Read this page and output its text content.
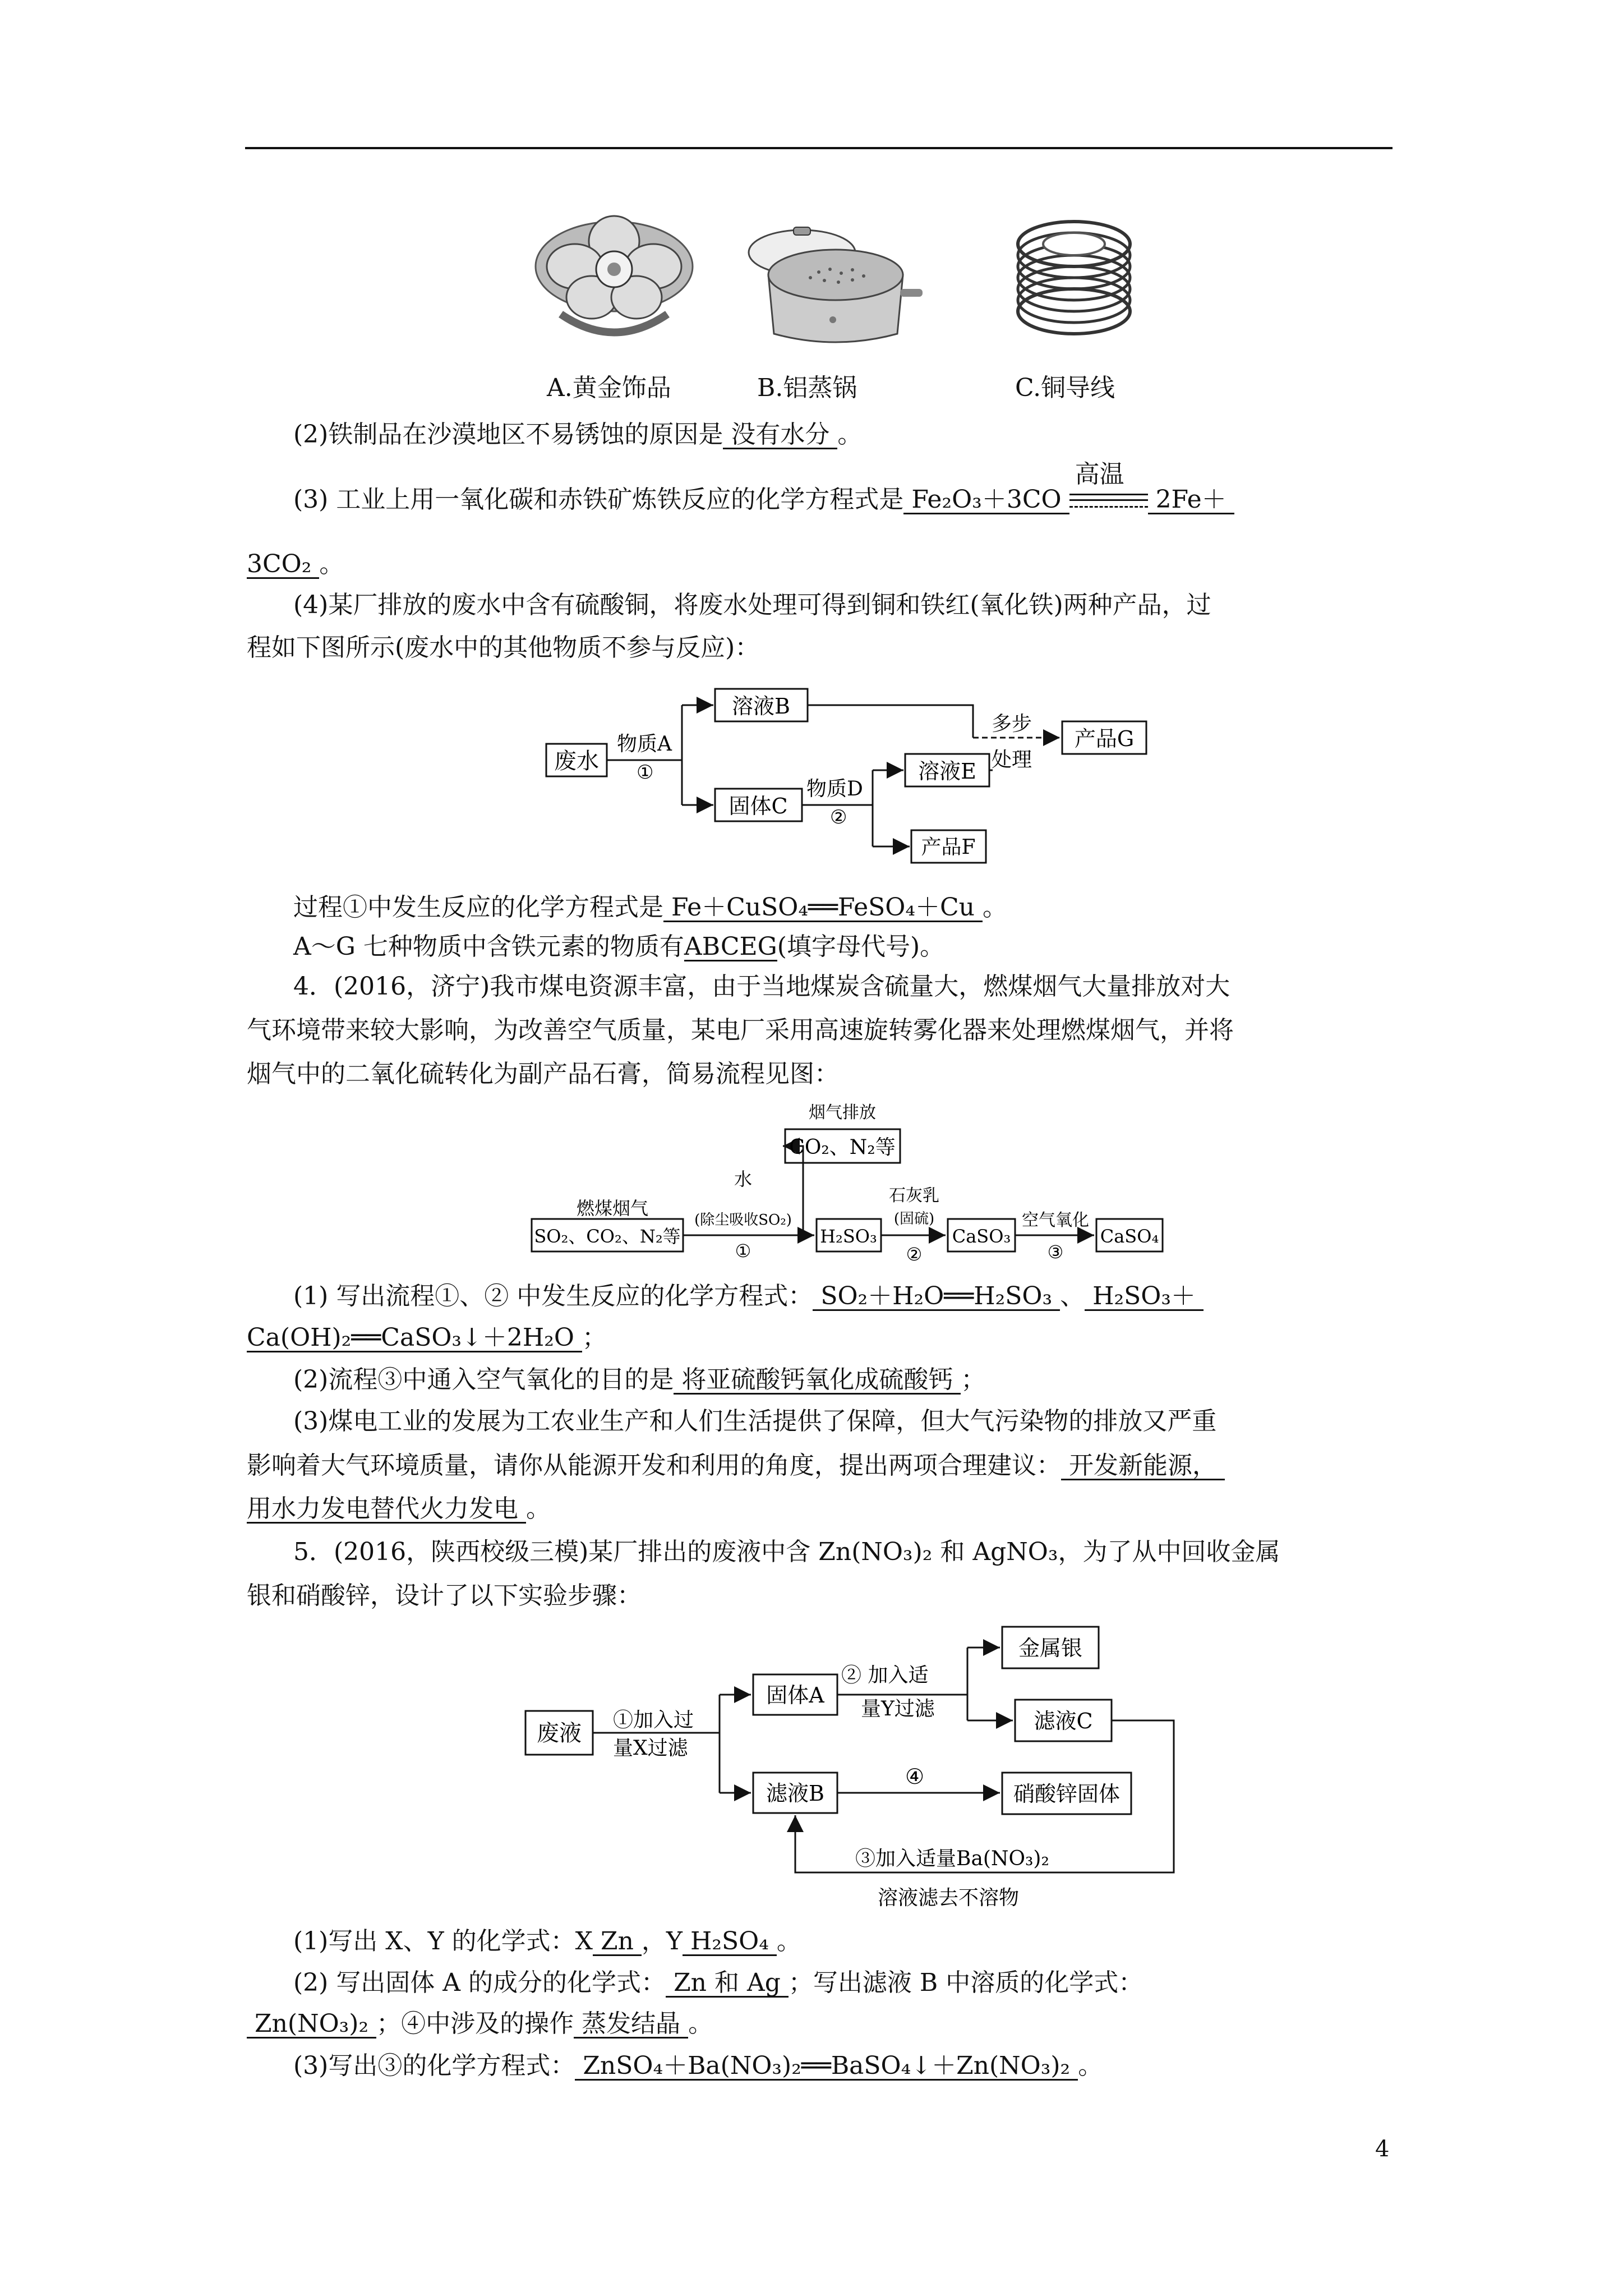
A.黄金饰品	B.铝蒸锅	C.铜导线
(2)铁制品在沙漠地区不易锈蚀的原因是 没有水分 。
(3) 工业上用一氧化碳和赤铁矿炼铁反应的化学方程式是 Fe₂O₃＋3CO
高温
2Fe＋
3CO₂ 。
(4)某厂排放的废水中含有硫酸铜，将废水处理可得到铜和铁红(氧化铁)两种产品，过
程如下图所示(废水中的其他物质不参与反应)：
废水
物质A
①
溶液B
固体C
物质D
②
溶液E
产品F
多步
处理
产品G
过程①中发生反应的化学方程式是 Fe＋CuSO₄══FeSO₄＋Cu 。
A～G 七种物质中含铁元素的物质有ABCEG(填字母代号)。
4．(2016，济宁)我市煤电资源丰富，由于当地煤炭含硫量大，燃煤烟气大量排放对大
气环境带来较大影响，为改善空气质量，某电厂采用高速旋转雾化器来处理燃煤烟气，并将
烟气中的二氧化硫转化为副产品石膏，简易流程见图：
烟气排放
CO₂、N₂等
燃煤烟气
SO₂、CO₂、N₂等
水
(除尘吸收SO₂)
①
H₂SO₃
石灰乳
(固硫)
②
CaSO₃
空气氧化
③
CaSO₄
(1) 写出流程①、② 中发生反应的化学方程式： SO₂＋H₂O══H₂SO₃ 、 H₂SO₃＋
Ca(OH)₂══CaSO₃↓＋2H₂O ；
(2)流程③中通入空气氧化的目的是 将亚硫酸钙氧化成硫酸钙 ；
(3)煤电工业的发展为工农业生产和人们生活提供了保障，但大气污染物的排放又严重
影响着大气环境质量，请你从能源开发和利用的角度，提出两项合理建议： 开发新能源，
用水力发电替代火力发电 。
5．(2016，陕西校级三模)某厂排出的废液中含 Zn(NO₃)₂ 和 AgNO₃，为了从中回收金属
银和硝酸锌，设计了以下实验步骤：
废液
①加入过
量X过滤
固体A
滤液B
② 加入适
量Y过滤
金属银
滤液C
④
硝酸锌固体
③加入适量Ba(NO₃)₂
溶液滤去不溶物
(1)写出 X、Y 的化学式：X Zn ，Y H₂SO₄ 。
(2) 写出固体 A 的成分的化学式： Zn 和 Ag ；写出滤液 B 中溶质的化学式：
Zn(NO₃)₂ ；④中涉及的操作 蒸发结晶 。
(3)写出③的化学方程式： ZnSO₄＋Ba(NO₃)₂══BaSO₄↓＋Zn(NO₃)₂ 。
4
